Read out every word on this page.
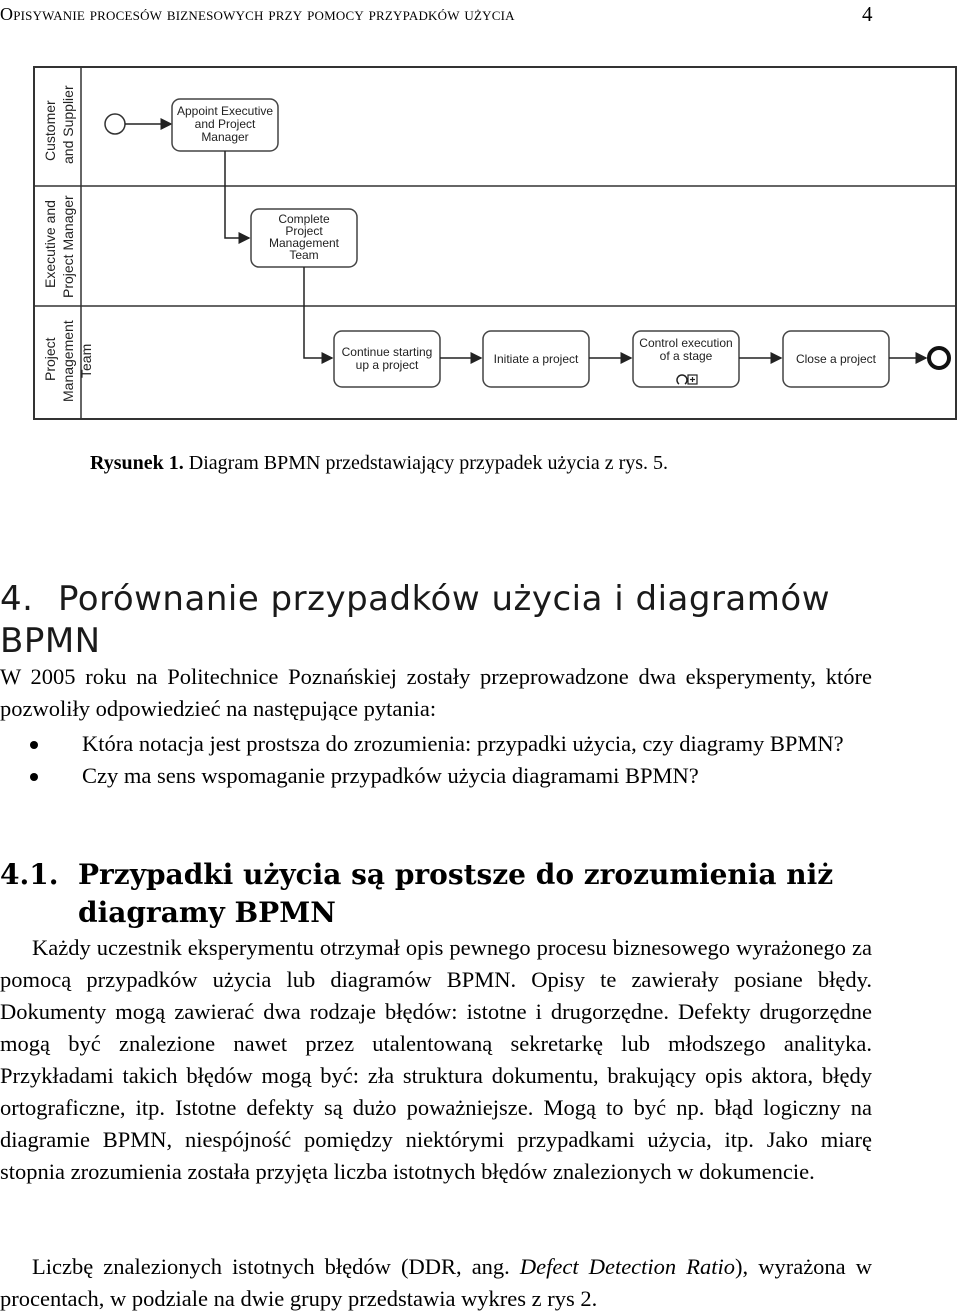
Opisywanie procesów biznesowych przy pomocy przypadków użycia	4
Customer and Supplier
Executive and Project Manager
Project Management Team
Appoint Executive
and Project
Manager
Complete
Project
Management
Team
Continue starting
up a project	Initiate a project
Control execution
of a stage	Close a project
Rysunek 1. Diagram BPMN przedstawiający przypadek użycia z rys. 5.
4. Porównanie przypadków użycia i diagramów
BPMN
W 2005 roku na Politechnice Poznańskiej zostały przeprowadzone dwa eksperymenty, które pozwoliły odpowiedzieć na następujące pytania:
Która notacja jest prostsza do zrozumienia: przypadki użycia, czy diagramy BPMN?
Czy ma sens wspomaganie przypadków użycia diagramami BPMN?
4.1. Przypadki użycia są prostsze do zrozumienia niż
diagramy BPMN
Każdy uczestnik eksperymentu otrzymał opis pewnego procesu biznesowego wyrażonego za pomocą przypadków użycia lub diagramów BPMN. Opisy te zawierały posiane błędy. Dokumenty mogą zawierać dwa rodzaje błędów: istotne i drugorzędne. Defekty drugorzędne mogą być znalezione nawet przez utalentowaną sekretarkę lub młodszego analityka. Przykładami takich błędów mogą być: zła struktura dokumentu, brakujący opis aktora, błędy ortograficzne, itp. Istotne defekty są dużo poważniejsze. Mogą to być np. błąd logiczny na diagramie BPMN, niespójność pomiędzy niektórymi przypadkami użycia, itp. Jako miarę stopnia zrozumienia została przyjęta liczba istotnych błędów znalezionych w dokumencie.
Liczbę znalezionych istotnych błędów (DDR, ang. Defect Detection Ratio), wyrażona w procentach, w podziale na dwie grupy przedstawia wykres z rys 2.
